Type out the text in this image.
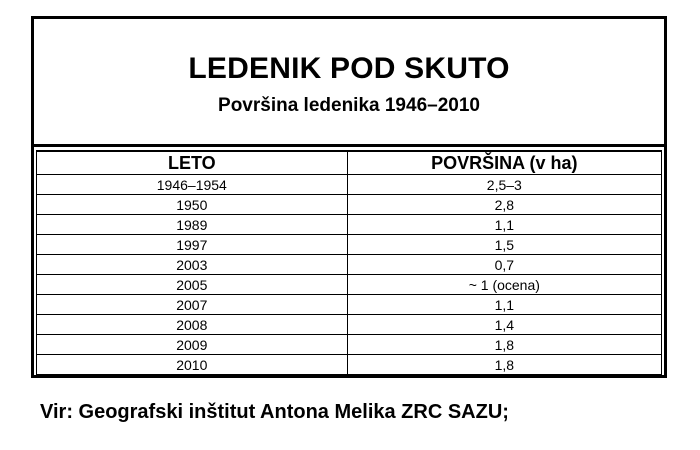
LEDENIK POD SKUTO
Površina ledenika 1946–2010
LETO	POVRŠINA (v ha)
1946–1954	2,5–3
1950	2,8
1989	1,1
1997	1,5
2003	0,7
2005	~ 1 (ocena)
2007	1,1
2008	1,4
2009	1,8
2010	1,8
Vir: Geografski inštitut Antona Melika ZRC SAZU;
